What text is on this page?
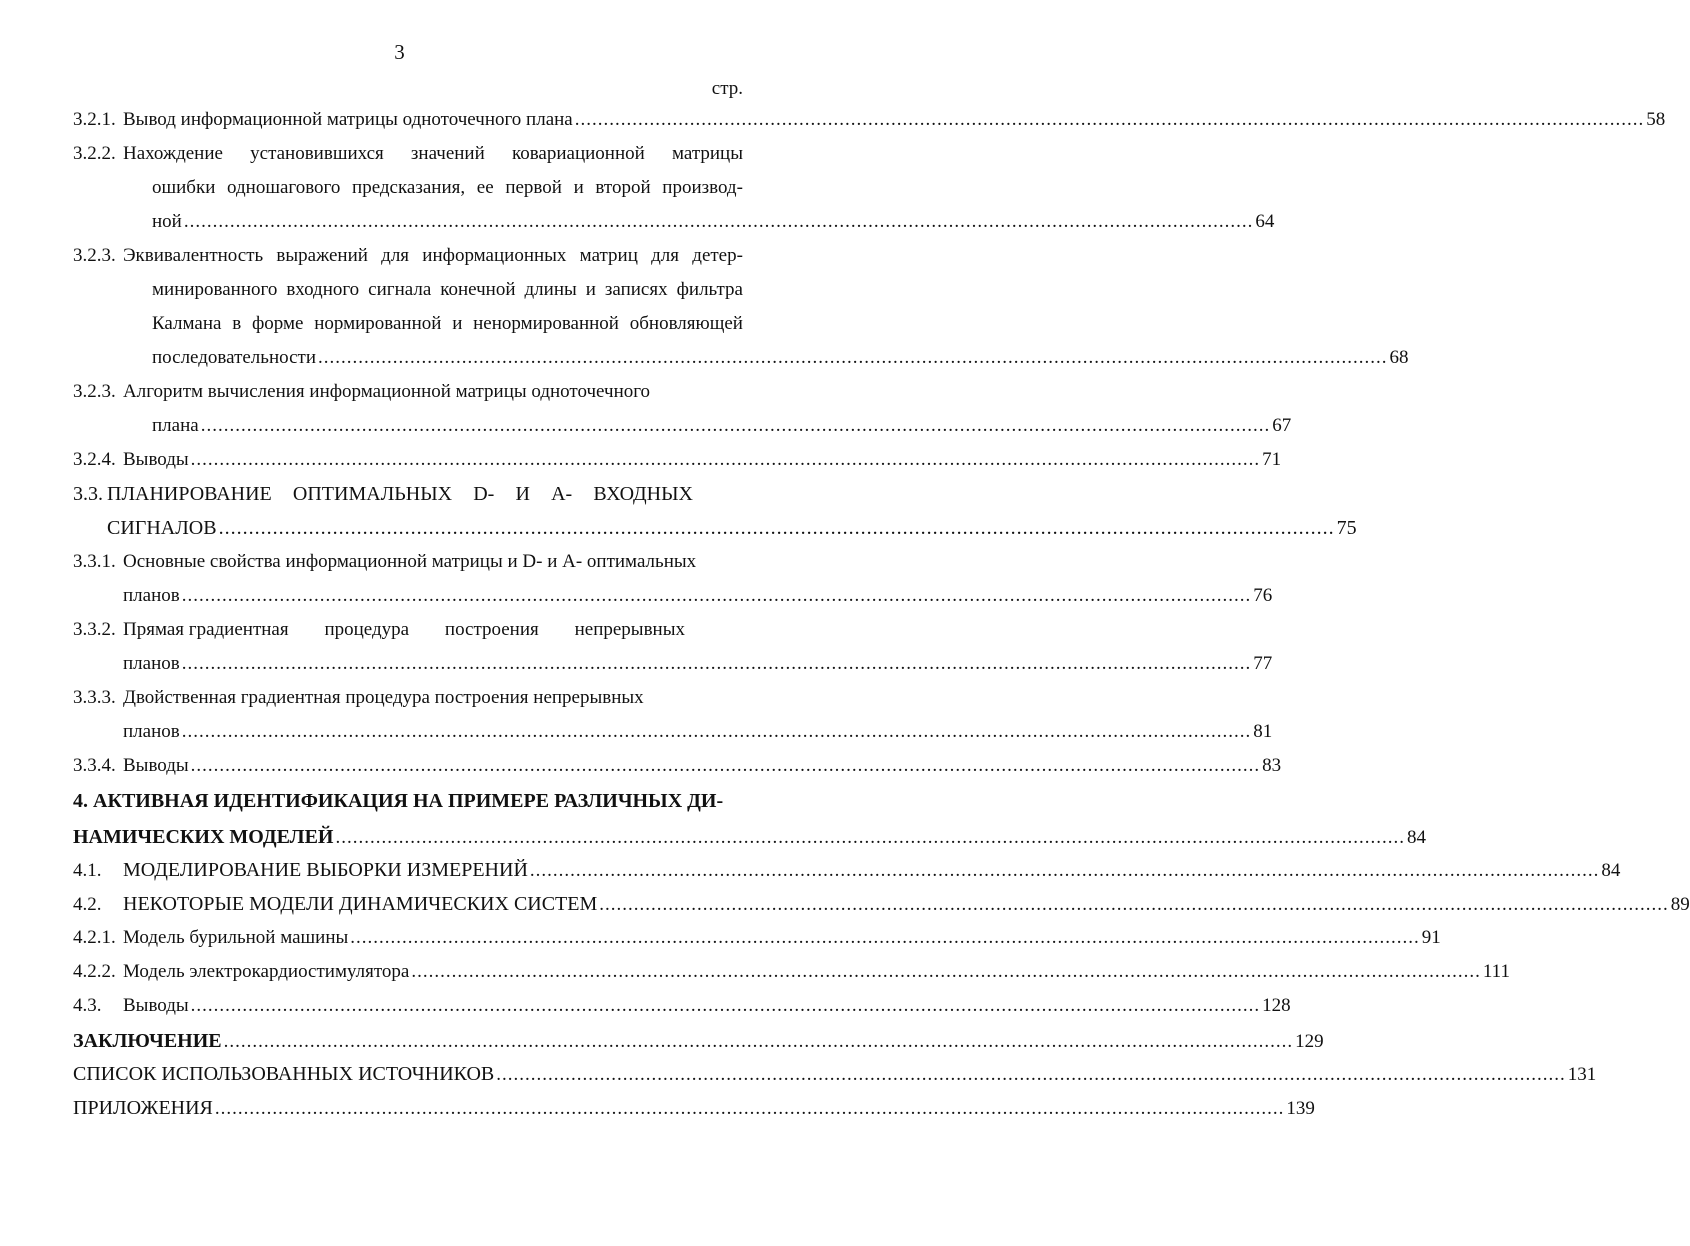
3
стр.
3.2.1. Вывод информационной матрицы одноточечного плана .......................................................................................................................................................................................... 58
3.2.2. Нахождение установившихся значений ковариационной матрицы
ошибки одношагового предсказания, ее первой и второй производ-
ной .......................................................................................................................................................................................... 64
3.2.3. Эквивалентность выражений для информационных матриц для детер-
минированного входного сигнала конечной длины и записях фильтра
Калмана в форме нормированной и ненормированной обновляющей
последовательности .......................................................................................................................................................................................... 68
3.2.3. Алгоритм вычисления информационной матрицы одноточечного
плана .......................................................................................................................................................................................... 67
3.2.4. Выводы .......................................................................................................................................................................................... 71
3.3. ПЛАНИРОВАНИЕ ОПТИМАЛЬНЫХ D- И А- ВХОДНЫХ
СИГНАЛОВ .......................................................................................................................................................................................... 75
3.3.1. Основные свойства информационной матрицы и D- и А- оптимальных
планов .......................................................................................................................................................................................... 76
3.3.2. Прямая градиентная процедура построения непрерывных
планов .......................................................................................................................................................................................... 77
3.3.3. Двойственная градиентная процедура построения непрерывных
планов .......................................................................................................................................................................................... 81
3.3.4. Выводы .......................................................................................................................................................................................... 83
4. АКТИВНАЯ ИДЕНТИФИКАЦИЯ НА ПРИМЕРЕ РАЗЛИЧНЫХ ДИ-
НАМИЧЕСКИХ МОДЕЛЕЙ .......................................................................................................................................................................................... 84
4.1. МОДЕЛИРОВАНИЕ ВЫБОРКИ ИЗМЕРЕНИЙ .......................................................................................................................................................................................... 84
4.2. НЕКОТОРЫЕ МОДЕЛИ ДИНАМИЧЕСКИХ СИСТЕМ .......................................................................................................................................................................................... 89
4.2.1. Модель бурильной машины .......................................................................................................................................................................................... 91
4.2.2. Модель электрокардиостимулятора .......................................................................................................................................................................................... 111
4.3. Выводы .......................................................................................................................................................................................... 128
ЗАКЛЮЧЕНИЕ .......................................................................................................................................................................................... 129
СПИСОК ИСПОЛЬЗОВАННЫХ ИСТОЧНИКОВ .......................................................................................................................................................................................... 131
ПРИЛОЖЕНИЯ .......................................................................................................................................................................................... 139
